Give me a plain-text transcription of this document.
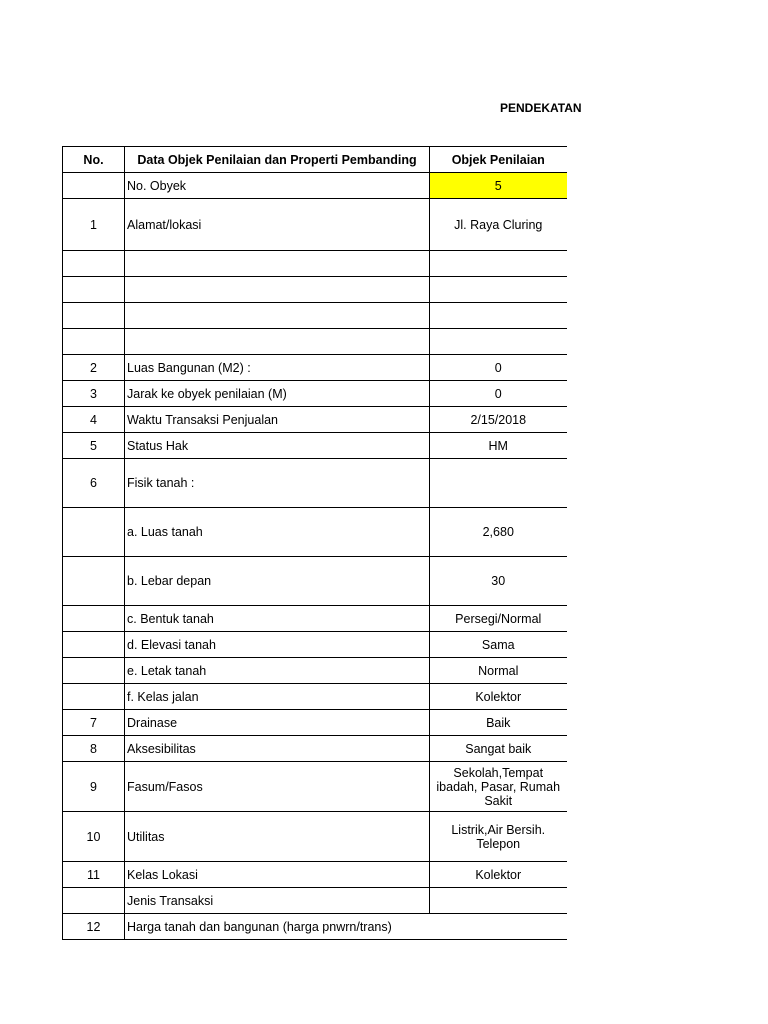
PENDEKATAN
No.	Data Objek Penilaian dan Properti Pembanding	Objek Penilaian
	No. Obyek	5
1	Alamat/lokasi	Jl. Raya Cluring

2	Luas Bangunan (M2) :	0
3	Jarak ke obyek penilaian (M)	0
4	Waktu Transaksi Penjualan	2/15/2018
5	Status Hak	HM
6	Fisik tanah :	
	a. Luas tanah	2,680
	b. Lebar depan	30
	c. Bentuk tanah	Persegi/Normal
	d. Elevasi tanah	Sama
	e. Letak tanah	Normal
	f. Kelas jalan	Kolektor
7	Drainase	Baik
8	Aksesibilitas	Sangat baik
9	Fasum/Fasos	Sekolah,Tempat ibadah, Pasar, Rumah Sakit
10	Utilitas	Listrik,Air Bersih. Telepon
11	Kelas Lokasi	Kolektor
	Jenis Transaksi	
12	Harga tanah dan bangunan (harga pnwrn/trans)	
